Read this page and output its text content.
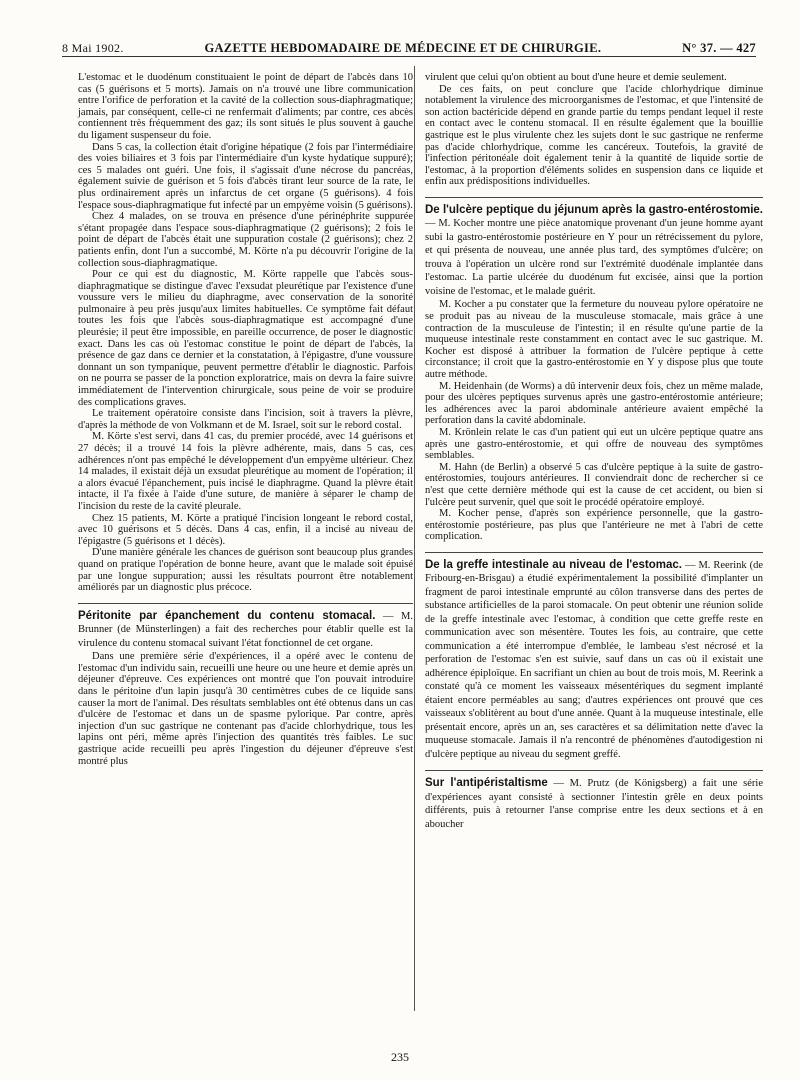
8 Mai 1902.	GAZETTE HEBDOMADAIRE DE MÉDECINE ET DE CHIRURGIE.	N° 37. — 427

L'estomac et le duodénum constituaient le point de départ de l'abcès dans 10 cas (5 guérisons et 5 morts). Jamais on n'a trouvé une libre communication entre l'orifice de perforation et la cavité de la collection sous-diaphragmatique; jamais, par conséquent, celle-ci ne renfermait d'aliments; par contre, ces abcès contiennent très fréquemment des gaz; ils sont situés le plus souvent à gauche du ligament suspenseur du foie.

Dans 5 cas, la collection était d'origine hépatique (2 fois par l'intermédiaire des voies biliaires et 3 fois par l'intermédiaire d'un kyste hydatique suppuré); ces 5 malades ont guéri. Une fois, il s'agissait d'une nécrose du pancréas, également suivie de guérison et 5 fois d'abcès tirant leur source de la rate, le plus ordinairement après un infarctus de cet organe (5 guérisons). 4 fois l'espace sous-diaphragmatique fut infecté par un empyème voisin (5 guérisons).

Chez 4 malades, on se trouva en présence d'une périnéphrite suppurée s'étant propagée dans l'espace sous-diaphragmatique (2 guérisons); 2 fois le point de départ de l'abcès était une suppuration costale (2 guérisons); chez 2 patients enfin, dont l'un a succombé, M. Körte n'a pu découvrir l'origine de la collection sous-diaphragmatique.

Pour ce qui est du diagnostic, M. Körte rappelle que l'abcès sous-diaphragmatique se distingue d'avec l'exsudat pleurétique par l'existence d'une voussure vers le milieu du diaphragme, avec conservation de la sonorité pulmonaire à peu près jusqu'aux limites habituelles. Ce symptôme fait défaut toutes les fois que l'abcès sous-diaphragmatique est accompagné d'une pleurésie; il peut être impossible, en pareille occurrence, de poser le diagnostic exact. Dans les cas où l'estomac constitue le point de départ de l'abcès, la présence de gaz dans ce dernier et la constatation, à l'épigastre, d'une voussure donnant un son tympanique, peuvent permettre d'établir le diagnostic. Parfois on ne pourra se passer de la ponction exploratrice, mais on devra la faire suivre immédiatement de l'intervention chirurgicale, sous peine de voir se produire des complications graves.

Le traitement opératoire consiste dans l'incision, soit à travers la plèvre, d'après la méthode de von Volkmann et de M. Israel, soit sur le rebord costal.

M. Körte s'est servi, dans 41 cas, du premier procédé, avec 14 guérisons et 27 décès; il a trouvé 14 fois la plèvre adhérente, mais, dans 5 cas, ces adhérences n'ont pas empêché le développement d'un empyème ultérieur. Chez 14 malades, il existait déjà un exsudat pleurétique au moment de l'opération; il a alors évacué l'épanchement, puis incisé le diaphragme. Quand la plèvre était intacte, il l'a fixée à l'aide d'une suture, de manière à séparer le champ de l'incision du reste de la cavité pleurale.

Chez 15 patients, M. Körte a pratiqué l'incision longeant le rebord costal, avec 10 guérisons et 5 décès. Dans 4 cas, enfin, il a incisé au niveau de l'épigastre (5 guérisons et 1 décès).

D'une manière générale les chances de guérison sont beaucoup plus grandes quand on pratique l'opération de bonne heure, avant que le malade soit épuisé par une longue suppuration; aussi les résultats pourront être notablement améliorés par un diagnostic plus précoce.

Péritonite par épanchement du contenu stomacal. — M. Brunner (de Münsterlingen) a fait des recherches pour établir quelle est la virulence du contenu stomacal suivant l'état fonctionnel de cet organe.

Dans une première série d'expériences, il a opéré avec le contenu de l'estomac d'un individu sain, recueilli une heure ou une heure et demie après un déjeuner d'épreuve. Ces expériences ont montré que l'on pouvait introduire dans le péritoine d'un lapin jusqu'à 30 centimètres cubes de ce liquide sans causer la mort de l'animal. Des résultats semblables ont été obtenus dans un cas d'ulcère de l'estomac et dans un de spasme pylorique. Par contre, après injection d'un suc gastrique ne contenant pas d'acide chlorhydrique, tous les lapins ont péri, même après l'injection des quantités très faibles. Le suc gastrique acide recueilli peu après l'ingestion du déjeuner d'épreuve s'est montré plus

virulent que celui qu'on obtient au bout d'une heure et demie seulement.

De ces faits, on peut conclure que l'acide chlorhydrique diminue notablement la virulence des microorganismes de l'estomac, et que l'intensité de son action bactéricide dépend en grande partie du temps pendant lequel il reste en contact avec le contenu stomacal. Il en résulte également que la bouillie gastrique est le plus virulente chez les sujets dont le suc gastrique ne renferme pas d'acide chlorhydrique, comme les cancéreux. Toutefois, la gravité de l'infection péritonéale doit également tenir à la quantité de liquide sortie de l'estomac, à la proportion d'éléments solides en suspension dans ce liquide et enfin aux prédispositions individuelles.

De l'ulcère peptique du jéjunum après la gastro-entérostomie. — M. Kocher montre une pièce anatomique provenant d'un jeune homme ayant subi la gastro-entérostomie postérieure en Y pour un rétrécissement du pylore, et qui présenta de nouveau, une année plus tard, des symptômes d'ulcère; on trouva à l'opération un ulcère rond sur l'extrémité duodénale implantée dans l'estomac. La partie ulcérée du duodénum fut excisée, ainsi que la portion voisine de l'estomac, et le malade guérit.

M. Kocher a pu constater que la fermeture du nouveau pylore opératoire ne se produit pas au niveau de la musculeuse stomacale, mais grâce à une contraction de la musculeuse de l'intestin; il en résulte qu'une partie de la muqueuse intestinale reste constamment en contact avec le suc gastrique. M. Kocher est disposé à attribuer la formation de l'ulcère peptique à cette circonstance; il croit que la gastro-entérostomie en Y y dispose plus que toute autre méthode.

M. Heidenhain (de Worms) a dû intervenir deux fois, chez un même malade, pour des ulcères peptiques survenus après une gastro-entérostomie antérieure; les adhérences avec la paroi abdominale antérieure avaient empêché la perforation dans la cavité abdominale.

M. Krönlein relate le cas d'un patient qui eut un ulcère peptique quatre ans après une gastro-entérostomie, et qui offre de nouveau des symptômes semblables.

M. Hahn (de Berlin) a observé 5 cas d'ulcère peptique à la suite de gastro-entérostomies, toujours antérieures. Il conviendrait donc de rechercher si ce n'est que cette dernière méthode qui est la cause de cet accident, ou bien si l'ulcère peut survenir, quel que soit le procédé opératoire employé.

M. Kocher pense, d'après son expérience personnelle, que la gastro-entérostomie postérieure, pas plus que l'antérieure ne met à l'abri de cette complication.

De la greffe intestinale au niveau de l'estomac. — M. Reerink (de Fribourg-en-Brisgau) a étudié expérimentalement la possibilité d'implanter un fragment de paroi intestinale emprunté au côlon transverse dans des pertes de substance artificielles de la paroi stomacale. On peut obtenir une réunion solide de la greffe intestinale avec l'estomac, à condition que cette greffe reste en communication avec son mésentère. Toutes les fois, au contraire, que cette communication a été interrompue d'emblée, le lambeau s'est nécrosé et la perforation de l'estomac s'en est suivie, sauf dans un cas où il existait une adhérence épiploïque. En sacrifiant un chien au bout de trois mois, M. Reerink a constaté qu'à ce moment les vaisseaux mésentériques du segment implanté étaient encore perméables au sang; d'autres expériences ont prouvé que ces vaisseaux s'oblitèrent au bout d'une année. Quant à la muqueuse intestinale, elle présentait encore, après un an, ses caractères et sa délimitation nette d'avec la muqueuse stomacale. Jamais il n'a rencontré de phénomènes d'autodigestion ni d'ulcère peptique au niveau du segment greffé.
Sur l'antipéristaltisme — M. Prutz (de Königsberg) a fait une série d'expériences ayant consisté à sectionner l'intestin grêle en deux points différents, puis à retourner l'anse comprise entre les deux sections et à en aboucher
235
